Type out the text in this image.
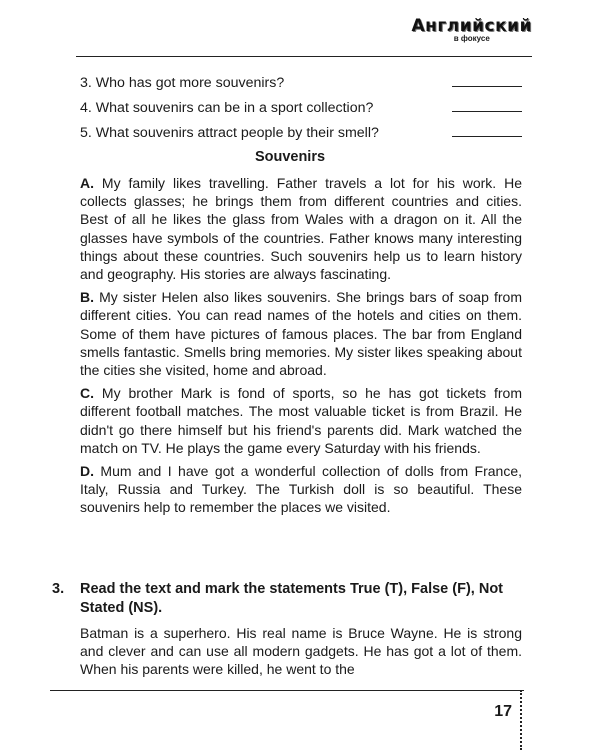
Английский
в фокусе
3. Who has got more souvenirs?
4. What souvenirs can be in a sport collection?
5. What souvenirs attract people by their smell?
Souvenirs

A. My family likes travelling. Father travels a lot for his work. He collects glasses; he brings them from different countries and cities. Best of all he likes the glass from Wales with a dragon on it. All the glasses have symbols of the countries. Father knows many interesting things about these countries. Such souvenirs help us to learn history and geography. His stories are always fascinating.

B. My sister Helen also likes souvenirs. She brings bars of soap from different cities. You can read names of the hotels and cities on them. Some of them have pictures of famous places. The bar from England smells fantastic. Smells bring memories. My sister likes speaking about the cities she visited, home and abroad.

C. My brother Mark is fond of sports, so he has got tickets from different football matches. The most valuable ticket is from Brazil. He didn't go there himself but his friend's parents did. Mark watched the match on TV. He plays the game every Saturday with his friends.

D. Mum and I have got a wonderful collection of dolls from France, Italy, Russia and Turkey. The Turkish doll is so beautiful. These souvenirs help to remember the places we visited.

3.	Read the text and mark the statements True (T), False (F), Not Stated (NS).
Batman is a superhero. His real name is Bruce Wayne. He is strong and clever and can use all modern gadgets. He has got a lot of them. When his parents were killed, he went to the
17
